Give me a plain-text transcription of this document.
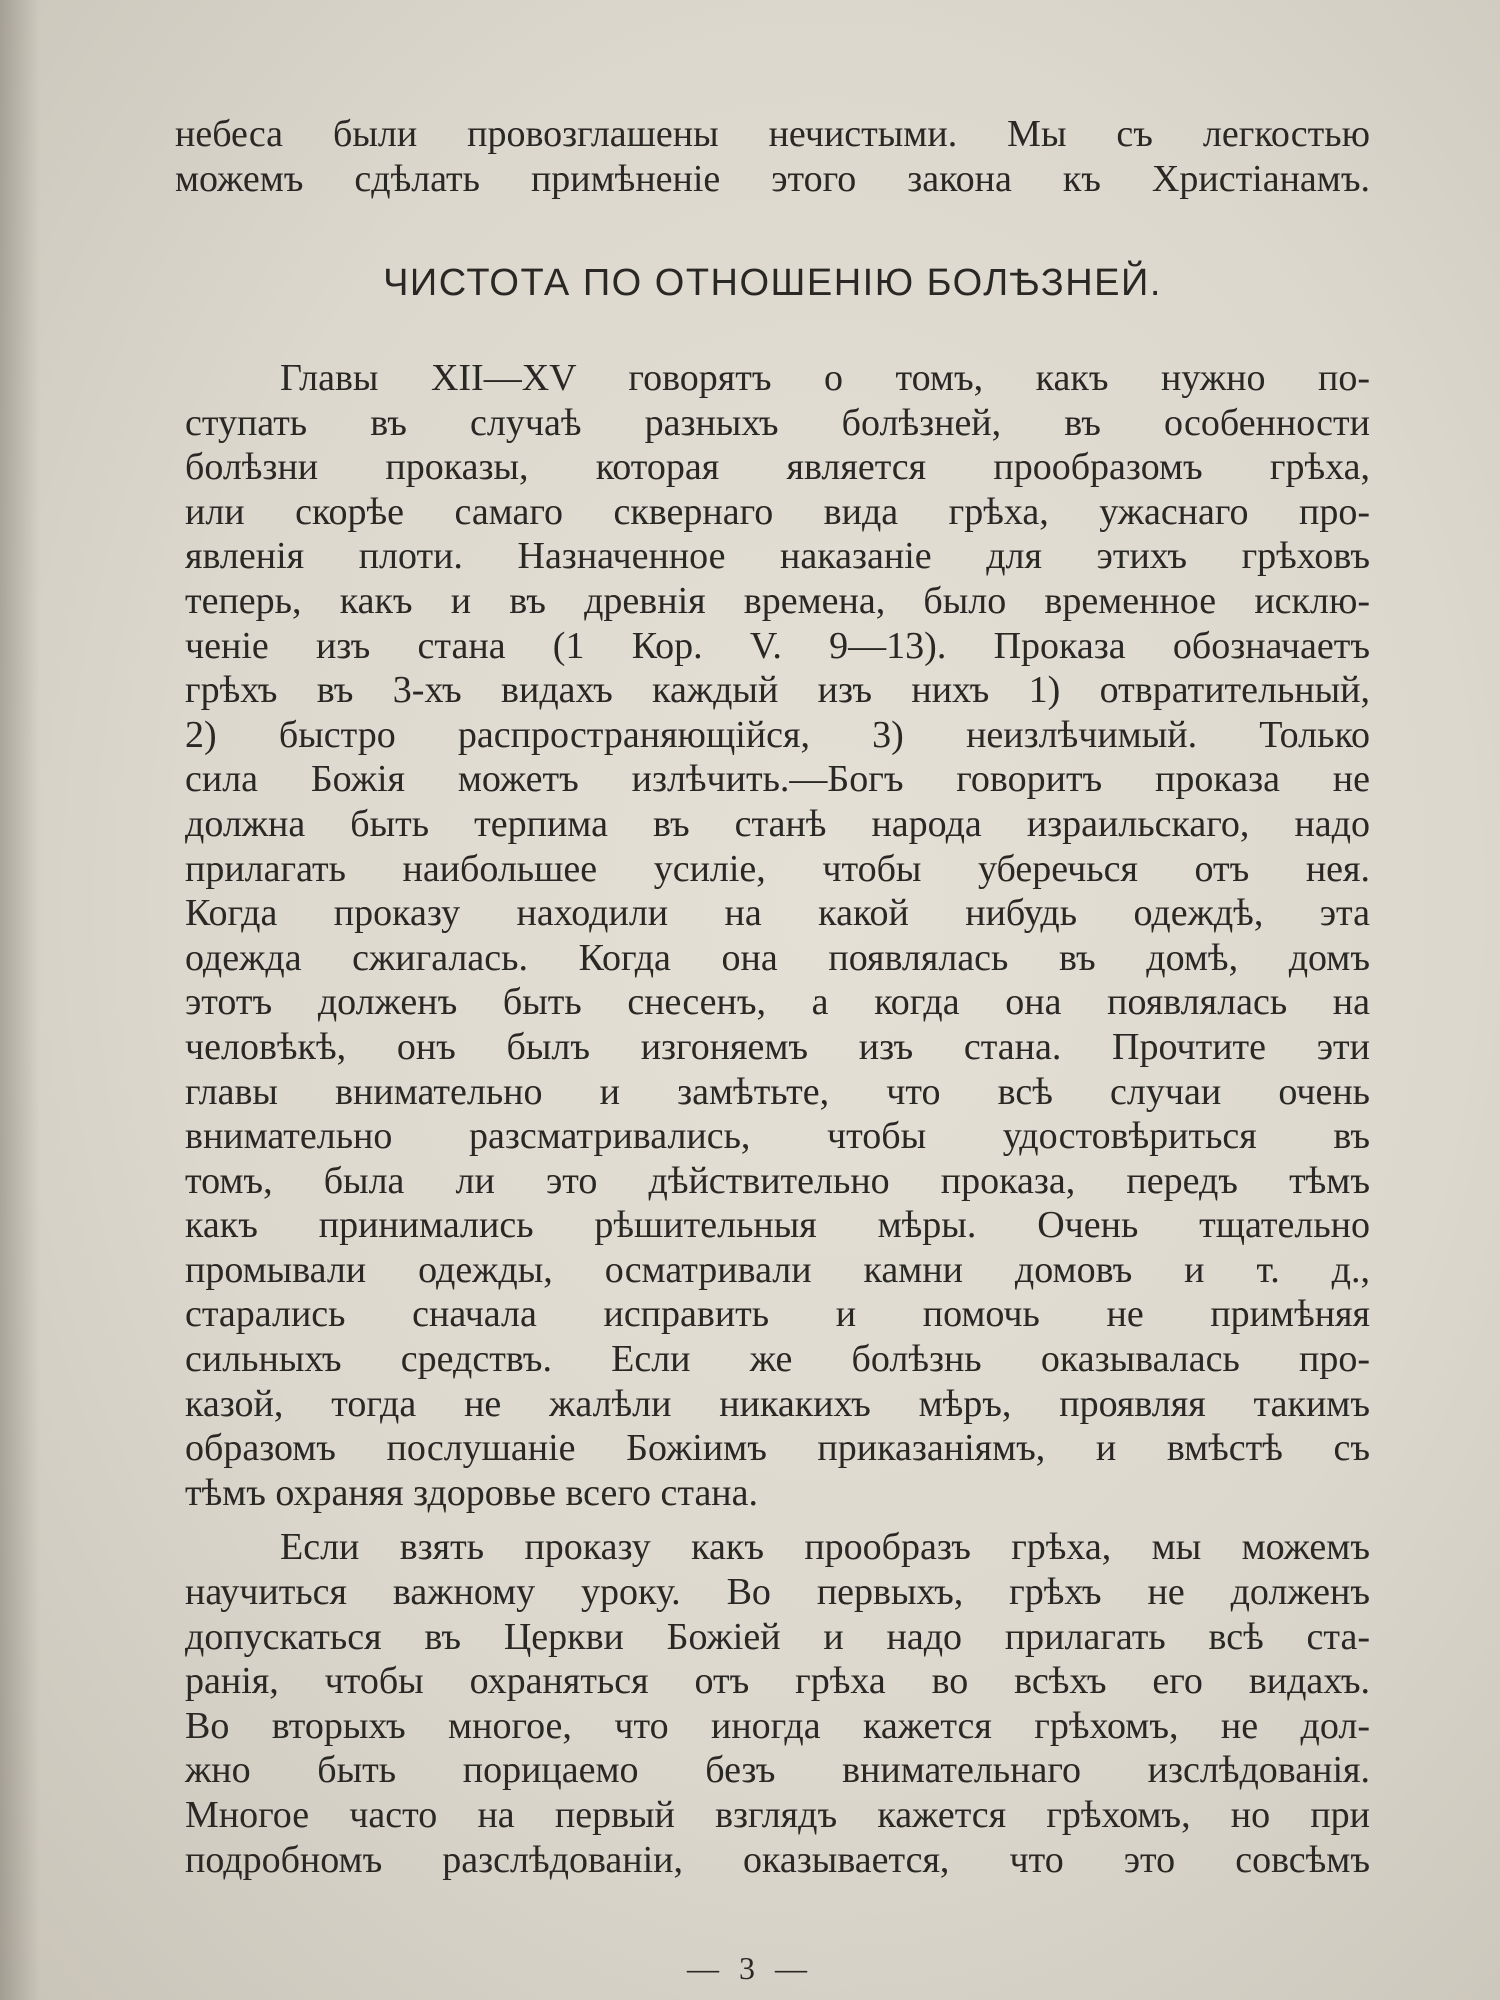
небеса были провозглашены нечистыми. Мы съ легкостью
можемъ сдѣлать примѣненіе этого закона къ Христіанамъ.
ЧИСТОТА ПО ОТНОШЕНІЮ БОЛѢЗНЕЙ.
Главы XII—XV говорятъ о томъ, какъ нужно по-
ступать въ случаѣ разныхъ болѣзней, въ особенности
болѣзни проказы, которая является прообразомъ грѣха,
или скорѣе самаго сквернаго вида грѣха, ужаснаго про-
явленія плоти. Назначенное наказаніе для этихъ грѣховъ
теперь, какъ и въ древнія времена, было временное исклю-
ченіе изъ стана (1 Кор. V. 9—13). Проказа обозначаетъ
грѣхъ въ 3-хъ видахъ каждый изъ нихъ 1) отвратительный,
2) быстро распространяющійся, 3) неизлѣчимый. Только
сила Божія можетъ излѣчить.—Богъ говоритъ проказа не
должна быть терпима въ станѣ народа израильскаго, надо
прилагать наибольшее усиліе, чтобы уберечься отъ нея.
Когда проказу находили на какой нибудь одеждѣ, эта
одежда сжигалась. Когда она появлялась въ домѣ, домъ
этотъ долженъ быть снесенъ, а когда она появлялась на
человѣкѣ, онъ былъ изгоняемъ изъ стана. Прочтите эти
главы внимательно и замѣтьте, что всѣ случаи очень
внимательно разсматривались, чтобы удостовѣриться въ
томъ, была ли это дѣйствительно проказа, передъ тѣмъ
какъ принимались рѣшительныя мѣры. Очень тщательно
промывали одежды, осматривали камни домовъ и т. д.,
старались сначала исправить и помочь не примѣняя
сильныхъ средствъ. Если же болѣзнь оказывалась про-
казой, тогда не жалѣли никакихъ мѣръ, проявляя такимъ
образомъ послушаніе Божіимъ приказаніямъ, и вмѣстѣ съ
тѣмъ охраняя здоровье всего стана.
Если взять проказу какъ прообразъ грѣха, мы можемъ
научиться важному уроку. Во первыхъ, грѣхъ не долженъ
допускаться въ Церкви Божіей и надо прилагать всѣ ста-
ранія, чтобы охраняться отъ грѣха во всѣхъ его видахъ.
Во вторыхъ многое, что иногда кажется грѣхомъ, не дол-
жно быть порицаемо безъ внимательнаго изслѣдованія.
Многое часто на первый взглядъ кажется грѣхомъ, но при
подробномъ разслѣдованіи, оказывается, что это совсѣмъ
— 3 —
